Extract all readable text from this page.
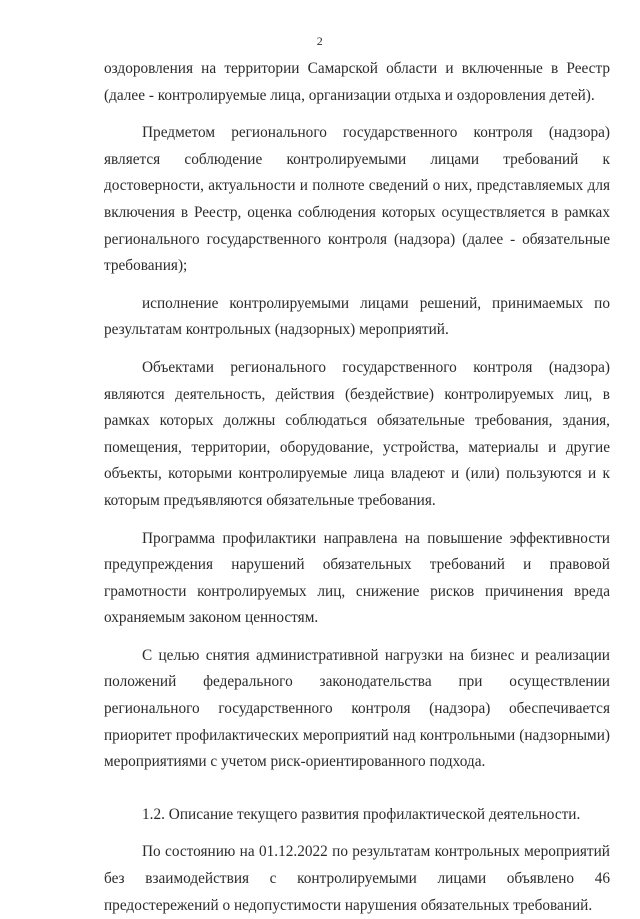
2

оздоровления на территории Самарской области и включенные в Реестр (далее - контролируемые лица, организации отдыха и оздоровления детей).

Предметом регионального государственного контроля (надзора) является соблюдение контролируемыми лицами требований к достоверности, актуальности и полноте сведений о них, представляемых для включения в Реестр, оценка соблюдения которых осуществляется в рамках регионального государственного контроля (надзора) (далее - обязательные требования);

исполнение контролируемыми лицами решений, принимаемых по результатам контрольных (надзорных) мероприятий.

Объектами регионального государственного контроля (надзора) являются деятельность, действия (бездействие) контролируемых лиц, в рамках которых должны соблюдаться обязательные требования, здания, помещения, территории, оборудование, устройства, материалы и другие объекты, которыми контролируемые лица владеют и (или) пользуются и к которым предъявляются обязательные требования.

Программа профилактики направлена на повышение эффективности предупреждения нарушений обязательных требований и правовой грамотности контролируемых лиц, снижение рисков причинения вреда охраняемым законом ценностям.

С целью снятия административной нагрузки на бизнес и реализации положений федерального законодательства при осуществлении регионального государственного контроля (надзора) обеспечивается приоритет профилактических мероприятий над контрольными (надзорными) мероприятиями с учетом риск-ориентированного подхода.

1.2. Описание текущего развития профилактической деятельности.

По состоянию на 01.12.2022 по результатам контрольных мероприятий без взаимодействия с контролируемыми лицами объявлено 46 предостережений о недопустимости нарушения обязательных требований.
